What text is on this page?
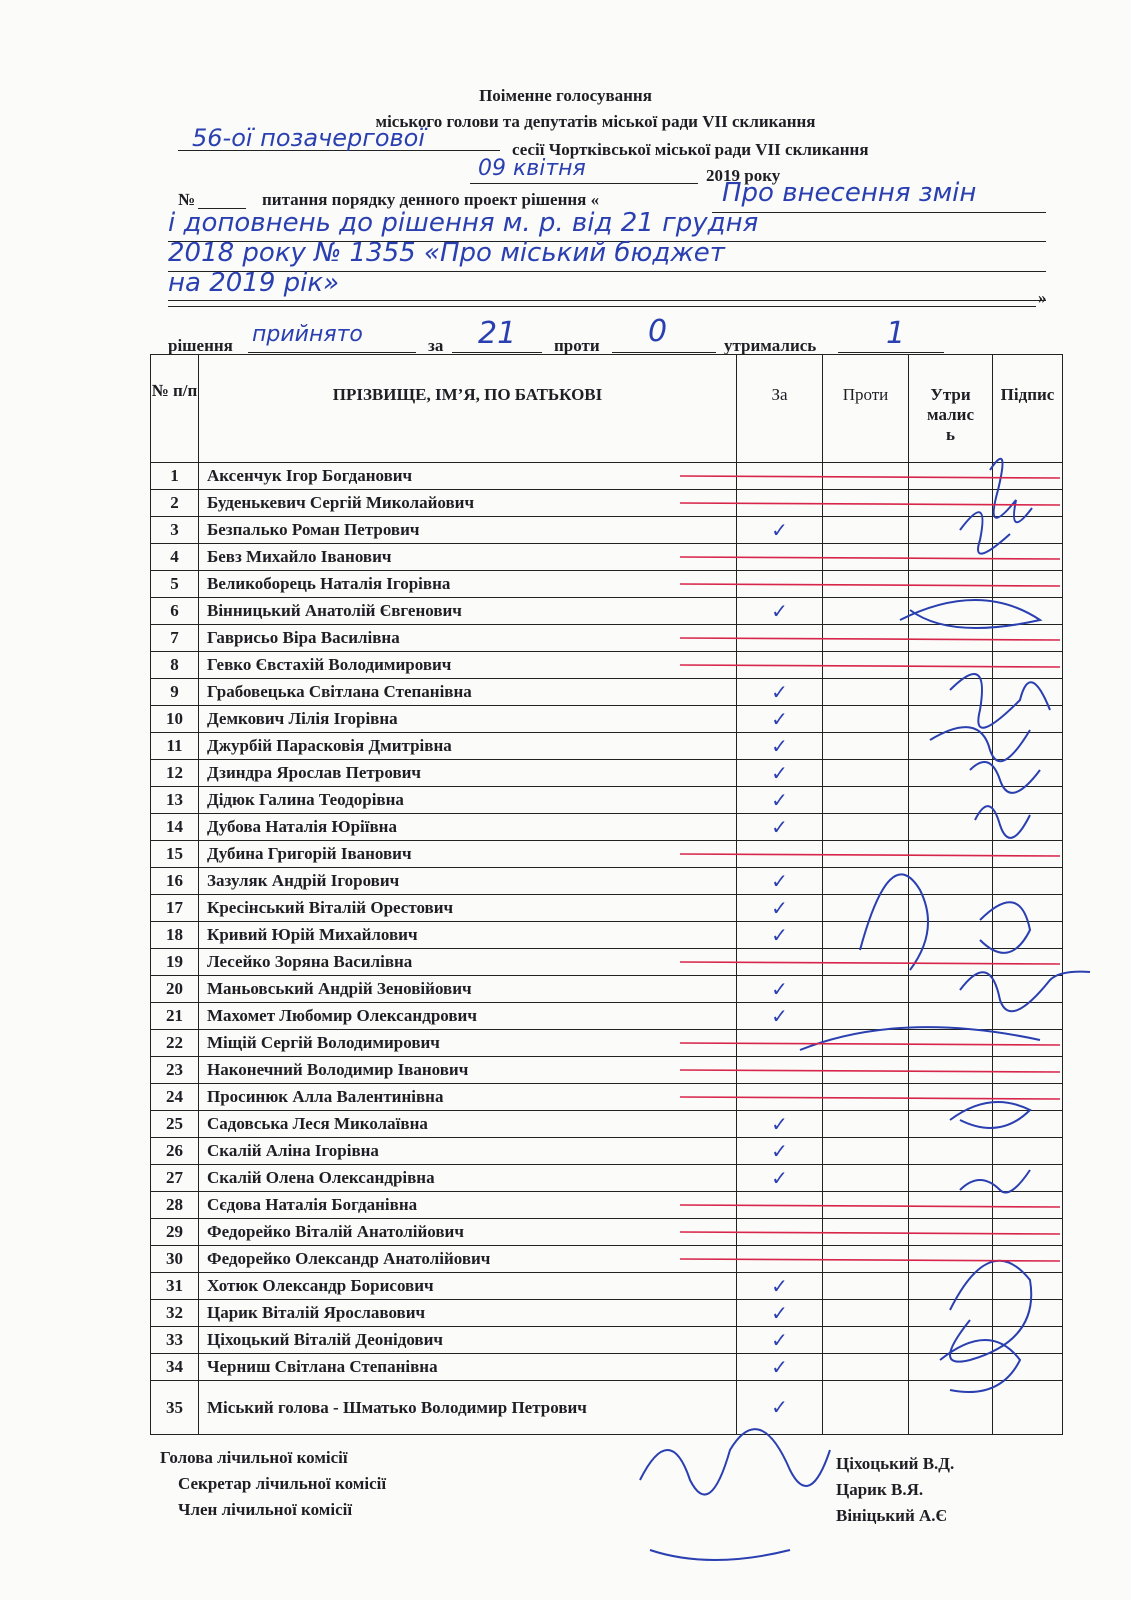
Поіменне голосування
міського голови та депутатів міської ради VII скликання
56-ої позачергової	сесії Чортківської міської ради VII скликання
09 квітня	2019 року
№	питання порядку денного проект рішення «	Про внесення змін
і доповнень до рішення м. р. від 21 грудня
2018 року № 1355 «Про міський бюджет
на 2019 рік»	»
рішення прийнято	за 21 проти 0	утримались 1
№ п/п	ПРІЗВИЩЕ, ІМ’Я, ПО БАТЬКОВІ	За	Проти	Утримались	Підпис
1	Аксенчук Ігор Богданович				
2	Буденькевич Сергій Миколайович				
3	Безпалько Роман Петрович	✓			
4	Бевз Михайло Іванович				
5	Великоборець Наталія Ігорівна				
6	Вінницький Анатолій Євгенович	✓			
7	Гаврисьо Віра Василівна				
8	Гевко Євстахій Володимирович				
9	Грабовецька Світлана Степанівна	✓			
10	Демкович Лілія Ігорівна	✓			
11	Джурбій Парасковія Дмитрівна	✓			
12	Дзиндра Ярослав Петрович	✓			
13	Дідюк Галина Теодорівна	✓			
14	Дубова Наталія Юріївна	✓			
15	Дубина Григорій Іванович				
16	Зазуляк Андрій Ігорович	✓			
17	Кресінський Віталій Орестович	✓			
18	Кривий Юрій Михайлович	✓			
19	Лесейко Зоряна Василівна				
20	Маньовський Андрій Зеновійович	✓			
21	Махомет Любомир Олександрович	✓			
22	Міщій Сергій Володимирович				
23	Наконечний Володимир Іванович				
24	Просинюк Алла Валентинівна				
25	Садовська Леся Миколаївна	✓			
26	Скалій Аліна Ігорівна	✓			
27	Скалій Олена Олександрівна	✓			
28	Сєдова Наталія Богданівна				
29	Федорейко Віталій Анатолійович				
30	Федорейко Олександр Анатолійович				
31	Хотюк Олександр Борисович	✓			
32	Царик Віталій Ярославович	✓			
33	Ціхоцький Віталій Деонідович	✓			
34	Черниш Світлана Степанівна	✓			
35	Міський голова - Шматько Володимир Петрович	✓			
Голова лічильної комісії
Секретар лічильної комісії
Член лічильної комісії
Ціхоцький В.Д.
Царик В.Я.
Вініцький А.Є
